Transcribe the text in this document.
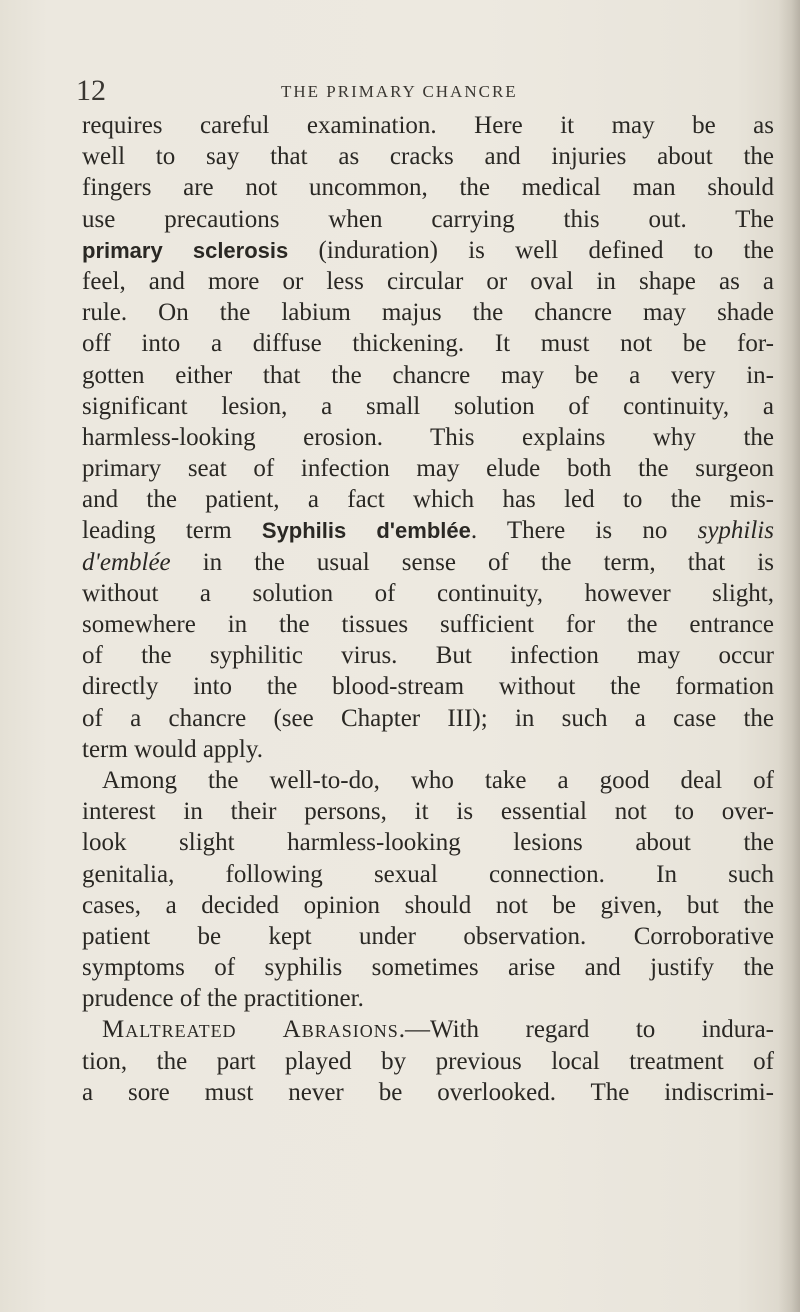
12	THE PRIMARY CHANCRE
requires careful examination. Here it may be as
well to say that as cracks and injuries about the
fingers are not uncommon, the medical man should
use precautions when carrying this out. The
primary sclerosis (induration) is well defined to the
feel, and more or less circular or oval in shape as a
rule. On the labium majus the chancre may shade
off into a diffuse thickening. It must not be for-
gotten either that the chancre may be a very in-
significant lesion, a small solution of continuity, a
harmless-looking erosion. This explains why the
primary seat of infection may elude both the surgeon
and the patient, a fact which has led to the mis-
leading term Syphilis d'emblée. There is no syphilis
d'emblée in the usual sense of the term, that is
without a solution of continuity, however slight,
somewhere in the tissues sufficient for the entrance
of the syphilitic virus. But infection may occur
directly into the blood-stream without the formation
of a chancre (see Chapter III); in such a case the
term would apply.
Among the well-to-do, who take a good deal of
interest in their persons, it is essential not to over-
look slight harmless-looking lesions about the
genitalia, following sexual connection. In such
cases, a decided opinion should not be given, but the
patient be kept under observation. Corroborative
symptoms of syphilis sometimes arise and justify the
prudence of the practitioner.
Maltreated Abrasions.—With regard to indura-
tion, the part played by previous local treatment of
a sore must never be overlooked. The indiscrimi-
